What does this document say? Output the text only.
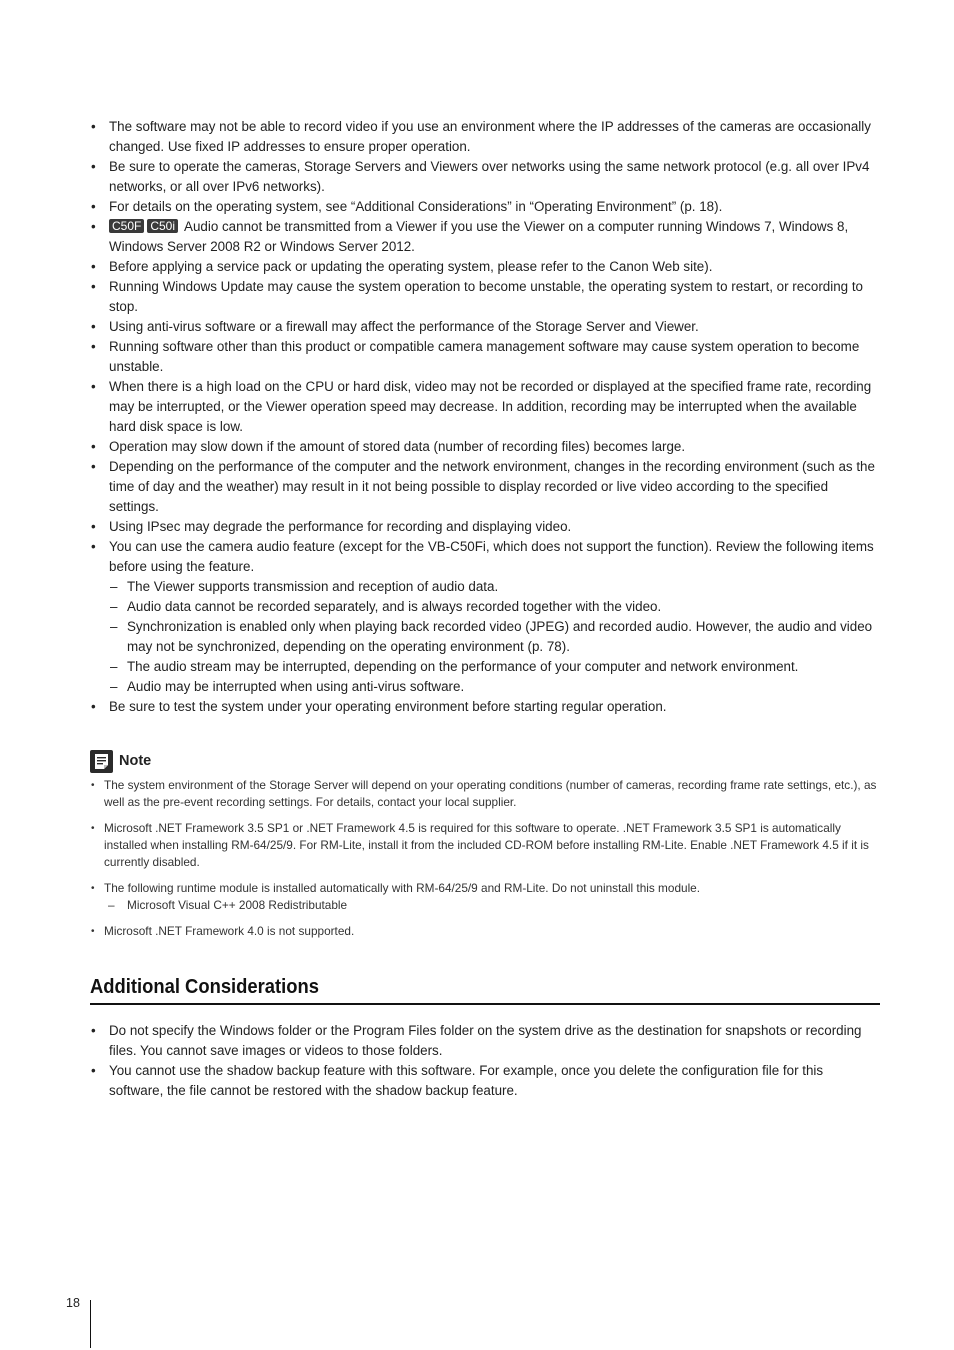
• The software may not be able to record video if you use an environment where the IP addresses of the cameras are occasionally changed. Use fixed IP addresses to ensure proper operation.
• Be sure to operate the cameras, Storage Servers and Viewers over networks using the same network protocol (e.g. all over IPv4 networks, or all over IPv6 networks).
• For details on the operating system, see “Additional Considerations” in “Operating Environment” (p. 18).
• C50F C50i Audio cannot be transmitted from a Viewer if you use the Viewer on a computer running Windows 7, Windows 8, Windows Server 2008 R2 or Windows Server 2012.
• Before applying a service pack or updating the operating system, please refer to the Canon Web site).
• Running Windows Update may cause the system operation to become unstable, the operating system to restart, or recording to stop.
• Using anti-virus software or a firewall may affect the performance of the Storage Server and Viewer.
• Running software other than this product or compatible camera management software may cause system operation to become unstable.
• When there is a high load on the CPU or hard disk, video may not be recorded or displayed at the specified frame rate, recording may be interrupted, or the Viewer operation speed may decrease. In addition, recording may be interrupted when the available hard disk space is low.
• Operation may slow down if the amount of stored data (number of recording files) becomes large.
• Depending on the performance of the computer and the network environment, changes in the recording environment (such as the time of day and the weather) may result in it not being possible to display recorded or live video according to the specified settings.
• Using IPsec may degrade the performance for recording and displaying video.
• You can use the camera audio feature (except for the VB-C50Fi, which does not support the function). Review the following items before using the feature.
– The Viewer supports transmission and reception of audio data.
– Audio data cannot be recorded separately, and is always recorded together with the video.
– Synchronization is enabled only when playing back recorded video (JPEG) and recorded audio. However, the audio and video may not be synchronized, depending on the operating environment (p. 78).
– The audio stream may be interrupted, depending on the performance of your computer and network environment.
– Audio may be interrupted when using anti-virus software.
• Be sure to test the system under your operating environment before starting regular operation.
Note
• The system environment of the Storage Server will depend on your operating conditions (number of cameras, recording frame rate settings, etc.), as well as the pre-event recording settings. For details, contact your local supplier.
• Microsoft .NET Framework 3.5 SP1 or .NET Framework 4.5 is required for this software to operate. .NET Framework 3.5 SP1 is automatically installed when installing RM-64/25/9. For RM-Lite, install it from the included CD-ROM before installing RM-Lite. Enable .NET Framework 4.5 if it is currently disabled.
• The following runtime module is installed automatically with RM-64/25/9 and RM-Lite. Do not uninstall this module.
– Microsoft Visual C++ 2008 Redistributable
• Microsoft .NET Framework 4.0 is not supported.
Additional Considerations
• Do not specify the Windows folder or the Program Files folder on the system drive as the destination for snapshots or recording files. You cannot save images or videos to those folders.
• You cannot use the shadow backup feature with this software. For example, once you delete the configuration file for this software, the file cannot be restored with the shadow backup feature.
18
